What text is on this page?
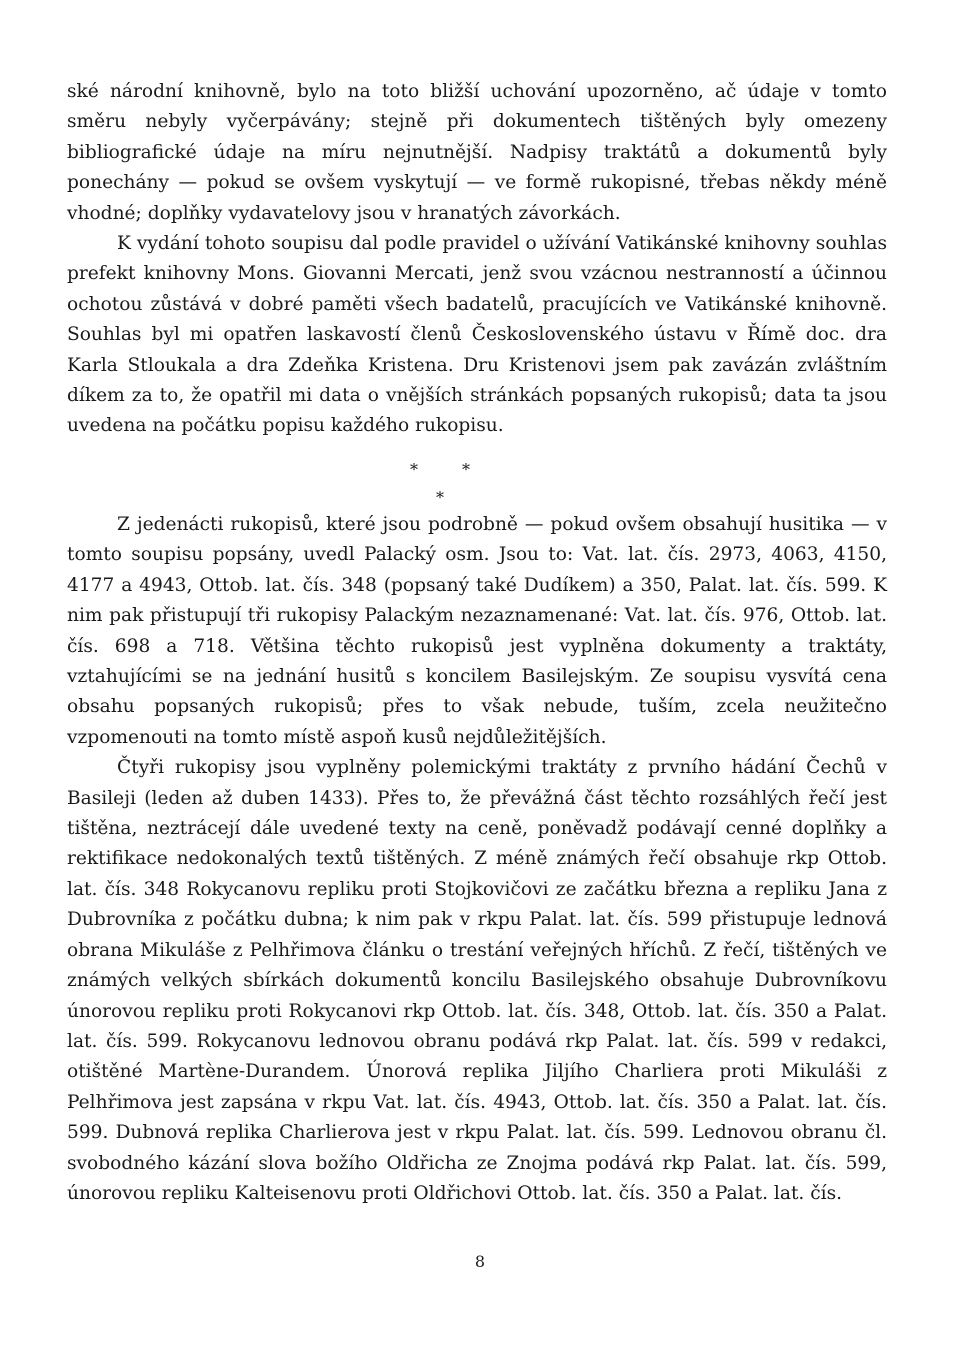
ské národní knihovně, bylo na toto bližší uchování upozorněno, ač údaje v tomto směru nebyly vyčerpávány; stejně při dokumentech tištěných byly omezeny bibliografické údaje na míru nejnutnější. Nadpisy traktátů a dokumentů byly ponechány — pokud se ovšem vyskytují — ve formě rukopisné, třebas někdy méně vhodné; doplňky vydavatelovy jsou v hranatých závorkách.

K vydání tohoto soupisu dal podle pravidel o užívání Vatikánské knihovny souhlas prefekt knihovny Mons. Giovanni Mercati, jenž svou vzácnou nestranností a účinnou ochotou zůstává v dobré paměti všech badatelů, pracujících ve Vatikánské knihovně. Souhlas byl mi opatřen laskavostí členů Československého ústavu v Římě doc. dra Karla Stloukala a dra Zdeňka Kristena. Dru Kristenovi jsem pak zavázán zvláštním díkem za to, že opatřil mi data o vnějších stránkách popsaných rukopisů; data ta jsou uvedena na počátku popisu každého rukopisu.

*	*
*

Z jedenácti rukopisů, které jsou podrobně — pokud ovšem obsahují husitika — v tomto soupisu popsány, uvedl Palacký osm. Jsou to: Vat. lat. čís. 2973, 4063, 4150, 4177 a 4943, Ottob. lat. čís. 348 (popsaný také Dudíkem) a 350, Palat. lat. čís. 599. K nim pak přistupují tři rukopisy Palackým nezaznamenané: Vat. lat. čís. 976, Ottob. lat. čís. 698 a 718. Většina těchto rukopisů jest vyplněna dokumenty a traktáty, vztahujícími se na jednání husitů s koncilem Basilejským. Ze soupisu vysvítá cena obsahu popsaných rukopisů; přes to však nebude, tuším, zcela neužitečno vzpomenouti na tomto místě aspoň kusů nejdůležitějších.

Čtyři rukopisy jsou vyplněny polemickými traktáty z prvního hádání Čechů v Basileji (leden až duben 1433). Přes to, že převážná část těchto rozsáhlých řečí jest tištěna, neztrácejí dále uvedené texty na ceně, poněvadž podávají cenné doplňky a rektifikace nedokonalých textů tištěných. Z méně známých řečí obsahuje rkp Ottob. lat. čís. 348 Rokycanovu repliku proti Stojkovičovi ze začátku března a repliku Jana z Dubrovníka z počátku dubna; k nim pak v rkpu Palat. lat. čís. 599 přistupuje lednová obrana Mikuláše z Pelhřimova článku o trestání veřejných hříchů. Z řečí, tištěných ve známých velkých sbírkách dokumentů koncilu Basilejského obsahuje Dubrovníkovu únorovou repliku proti Rokycanovi rkp Ottob. lat. čís. 348, Ottob. lat. čís. 350 a Palat. lat. čís. 599. Rokycanovu lednovou obranu podává rkp Palat. lat. čís. 599 v redakci, otištěné Martène-Durandem. Únorová replika Jiljího Charliera proti Mikuláši z Pelhřimova jest zapsána v rkpu Vat. lat. čís. 4943, Ottob. lat. čís. 350 a Palat. lat. čís. 599. Dubnová replika Charlierova jest v rkpu Palat. lat. čís. 599. Lednovou obranu čl. svobodného kázání slova božího Oldřicha ze Znojma podává rkp Palat. lat. čís. 599, únorovou repliku Kalteisenovu proti Oldřichovi Ottob. lat. čís. 350 a Palat. lat. čís.

8
